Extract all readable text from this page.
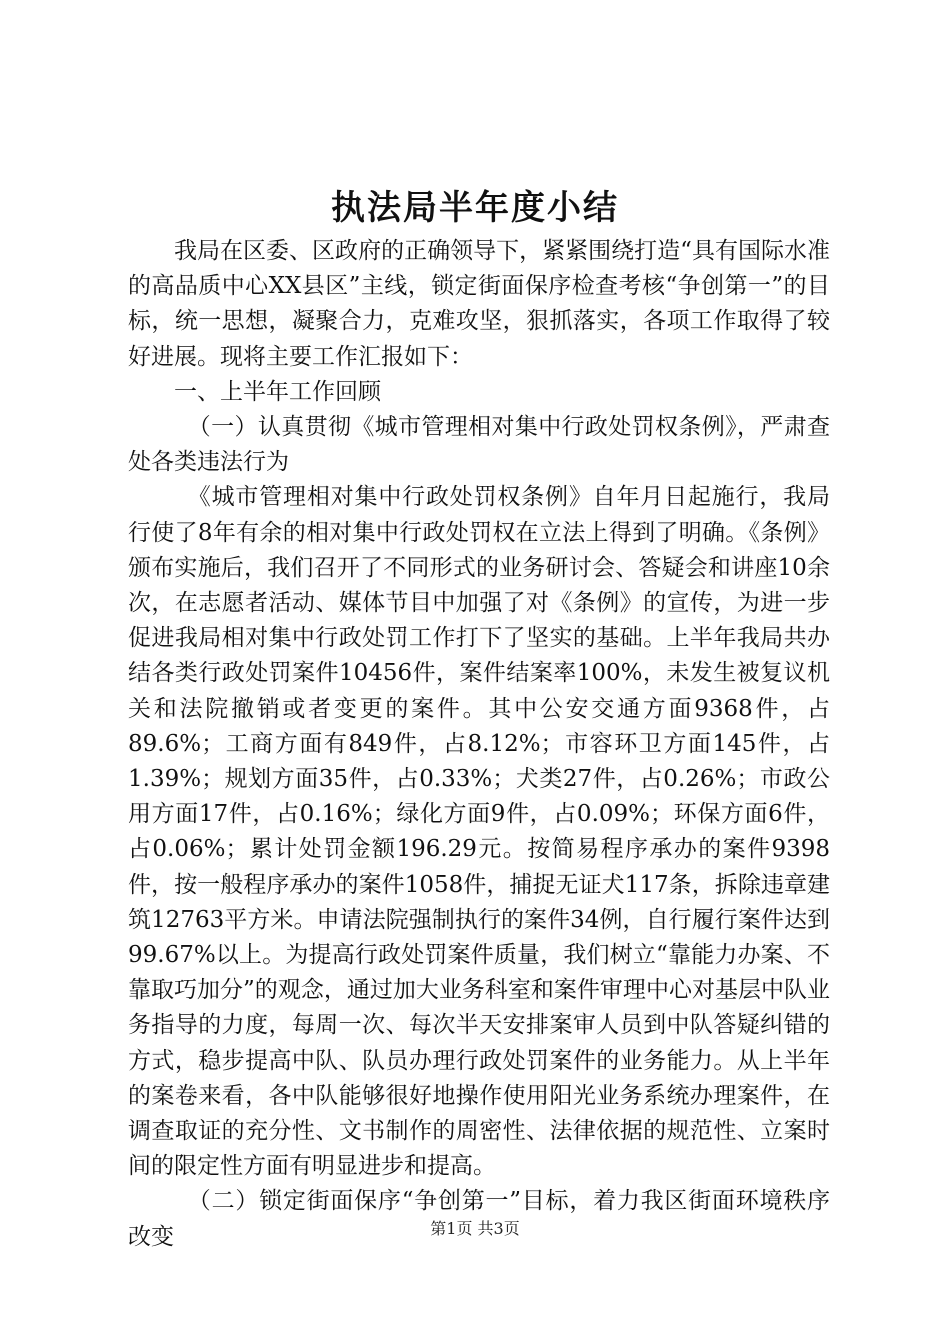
执法局半年度小结

我局在区委、区政府的正确领导下，紧紧围绕打造“具有国际水准的高品质中心XX县区”主线，锁定街面保序检查考核“争创第一”的目标，统一思想，凝聚合力，克难攻坚，狠抓落实，各项工作取得了较好进展。现将主要工作汇报如下：

一、上半年工作回顾

（一）认真贯彻《城市管理相对集中行政处罚权条例》，严肃查处各类违法行为

《城市管理相对集中行政处罚权条例》自年月日起施行，我局行使了8年有余的相对集中行政处罚权在立法上得到了明确。《条例》颁布实施后，我们召开了不同形式的业务研讨会、答疑会和讲座10余次，在志愿者活动、媒体节目中加强了对《条例》的宣传，为进一步促进我局相对集中行政处罚工作打下了坚实的基础。上半年我局共办结各类行政处罚案件10456件，案件结案率100%，未发生被复议机关和法院撤销或者变更的案件。其中公安交通方面9368件，占89.6%；工商方面有849件，占8.12%；市容环卫方面145件，占1.39%；规划方面35件，占0.33%；犬类27件，占0.26%；市政公用方面17件，占0.16%；绿化方面9件，占0.09%；环保方面6件，占0.06%；累计处罚金额196.29元。按简易程序承办的案件9398件，按一般程序承办的案件1058件，捕捉无证犬117条，拆除违章建筑12763平方米。申请法院强制执行的案件34例，自行履行案件达到99.67%以上。为提高行政处罚案件质量，我们树立“靠能力办案、不靠取巧加分”的观念，通过加大业务科室和案件审理中心对基层中队业务指导的力度，每周一次、每次半天安排案审人员到中队答疑纠错的方式，稳步提高中队、队员办理行政处罚案件的业务能力。从上半年的案卷来看，各中队能够很好地操作使用阳光业务系统办理案件，在调查取证的充分性、文书制作的周密性、法律依据的规范性、立案时间的限定性方面有明显进步和提高。

（二）锁定街面保序“争创第一”目标，着力我区街面环境秩序改变	第1页 共3页
